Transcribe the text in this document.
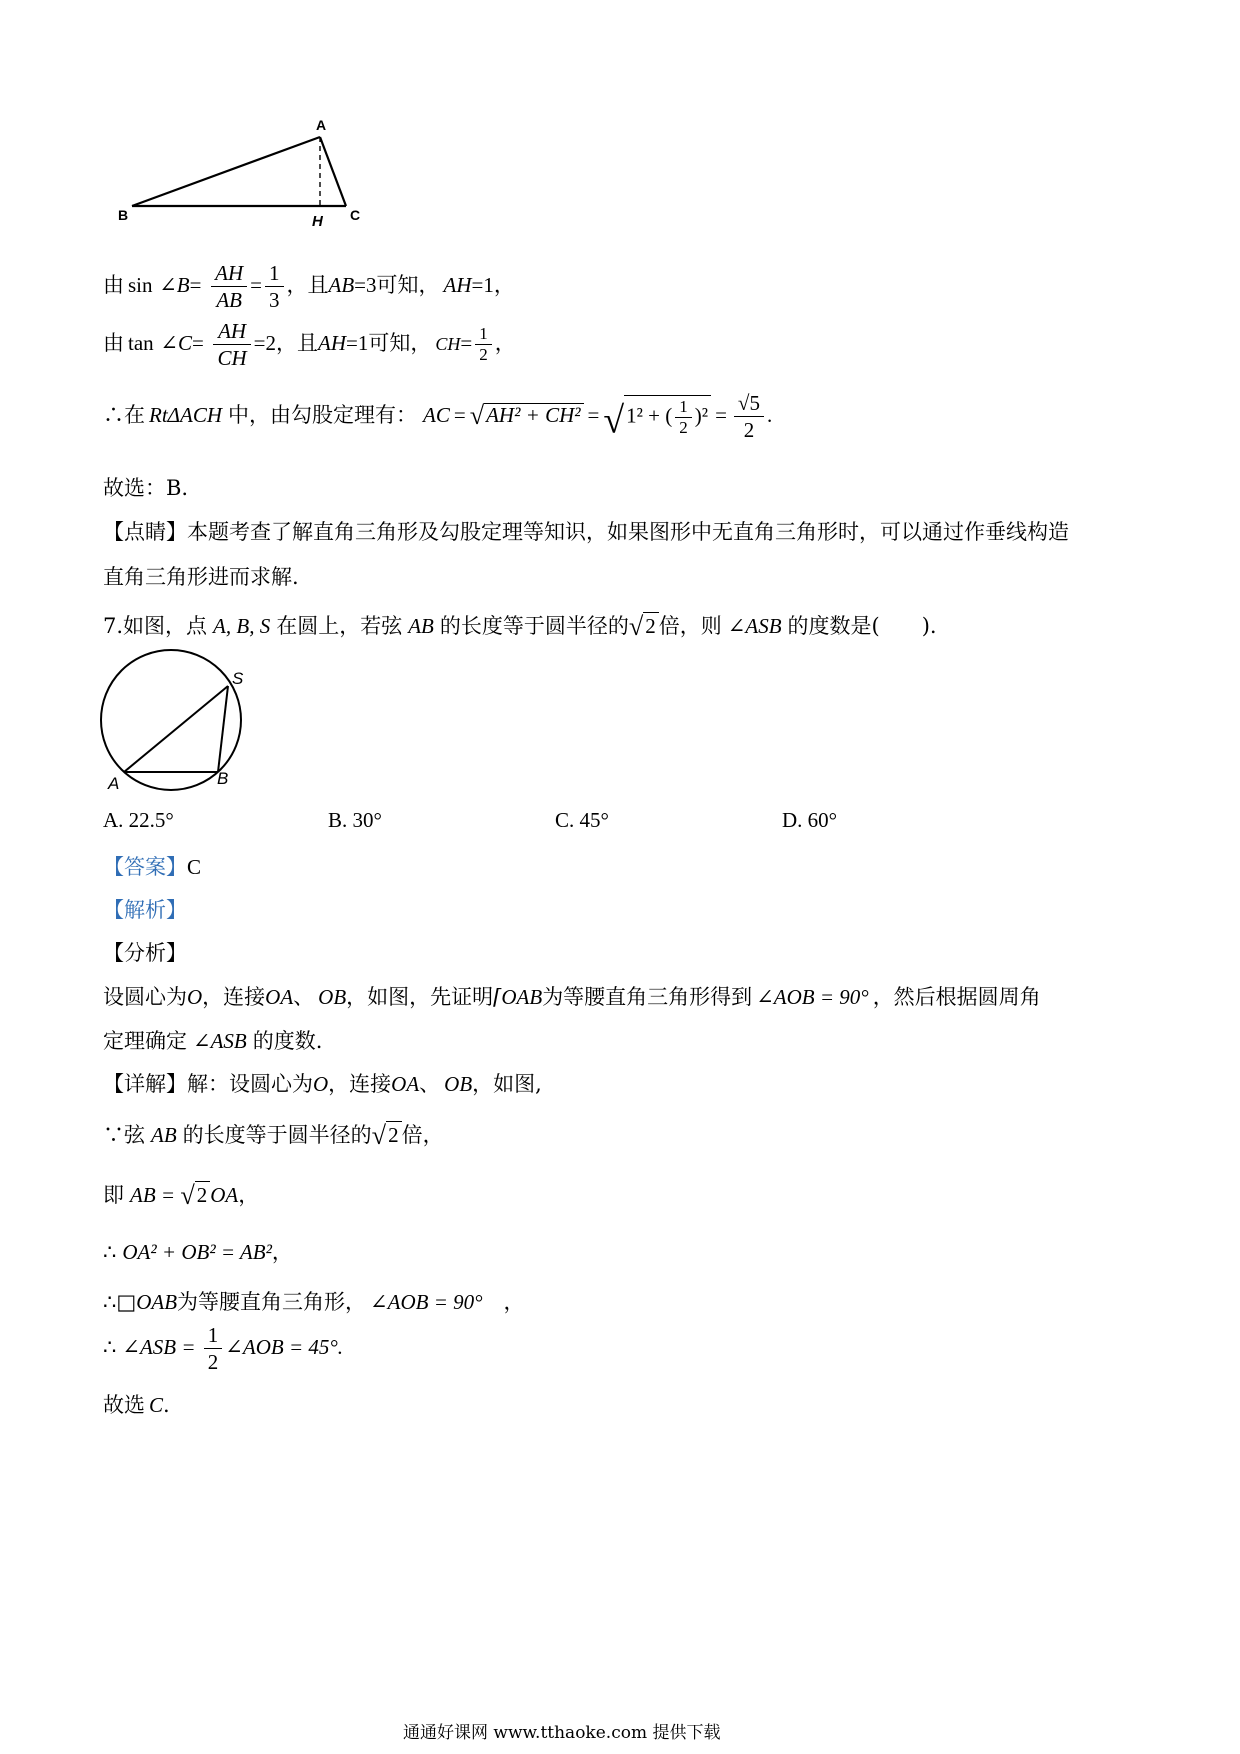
A
B	C
H
由 sin ∠B= $\frac{AH}{AB} = \frac{1}{3}$ ，且AB=3可知， AH=1，
由 tan ∠C= $\frac{AH}{CH} =2$，且AH=1可知， $CH= \frac{1}{2}$ ，
∴在 RtΔACH 中，由勾股定理有： AC = √AH² + CH² = √1² + ( $\frac{1}{2} )^2 = \frac{√5}{2}$ .
故选：B.
【点睛】本题考查了解直角三角形及勾股定理等知识，如果图形中无直角三角形时，可以通过作垂线构造
直角三角形进而求解.
7.如图，点 A, B, S 在圆上，若弦 AB 的长度等于圆半径的√2 倍，则 ∠ASB 的度数是(　　).
A	B
S
A. 22.5°	B. 30°	C. 45°	D. 60°
【答案】C
【解析】
【分析】
设圆心为O，连接OA、 OB，如图，先证明⌈OAB为等腰直角三角形得到 ∠AOB = 90° ，然后根据圆周角
定理确定 ∠ASB 的度数.
【详解】解：设圆心为O，连接OA、 OB，如图,
∵弦 AB 的长度等于圆半径的√2 倍，
即 AB = √2 OA，
∴ OA² + OB² = AB²，
∴□OAB为等腰直角三角形， ∠AOB = 90°　，
∴ ∠ASB = $\frac{1}{2}$ ∠AOB = 45°.
故选 C.
通通好课网 www.tthaoke.com 提供下载
